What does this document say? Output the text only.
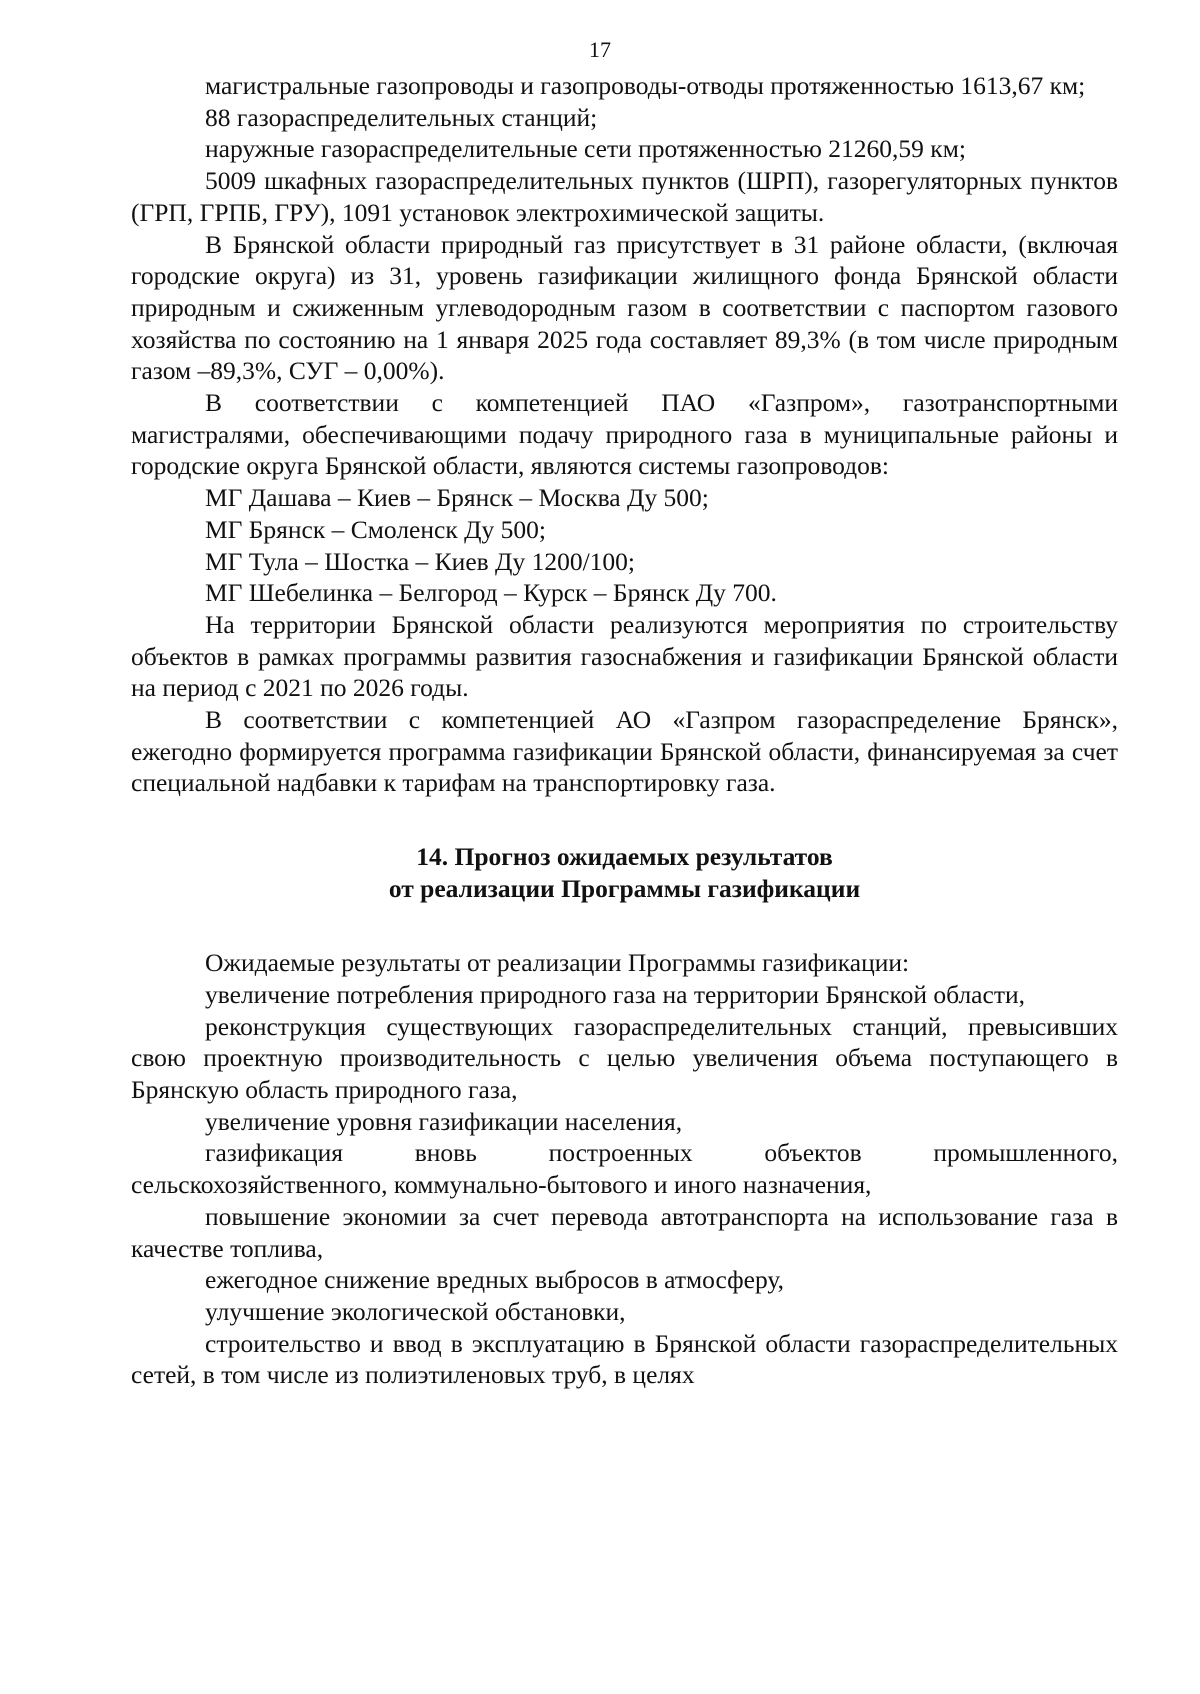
17

магистральные газопроводы и газопроводы-отводы протяженностью 1613,67 км;

88 газораспределительных станций;

наружные газораспределительные сети протяженностью 21260,59 км;

5009 шкафных газораспределительных пунктов (ШРП), газорегуляторных пунктов (ГРП, ГРПБ, ГРУ), 1091 установок электрохимической защиты.

В Брянской области природный газ присутствует в 31 районе области, (включая городские округа) из 31, уровень газификации жилищного фонда Брянской области природным и сжиженным углеводородным газом в соответствии с паспортом газового хозяйства по состоянию на 1 января 2025 года составляет 89,3% (в том числе природным газом –89,3%, СУГ – 0,00%).

В соответствии с компетенцией ПАО «Газпром», газотранспортными магистралями, обеспечивающими подачу природного газа в муниципальные районы и городские округа Брянской области, являются системы газопроводов:

МГ Дашава – Киев – Брянск – Москва Ду 500;

МГ Брянск – Смоленск Ду 500;

МГ Тула – Шостка – Киев Ду 1200/100;

МГ Шебелинка – Белгород – Курск – Брянск Ду 700.

На территории Брянской области реализуются мероприятия по строительству объектов в рамках программы развития газоснабжения и газификации Брянской области на период с 2021 по 2026 годы.

В соответствии с компетенцией АО «Газпром газораспределение Брянск», ежегодно формируется программа газификации Брянской области, финансируемая за счет специальной надбавки к тарифам на транспортировку газа.

14. Прогноз ожидаемых результатов
от реализации Программы газификации

Ожидаемые результаты от реализации Программы газификации:

увеличение потребления природного газа на территории Брянской области,

реконструкция существующих газораспределительных станций, превысивших свою проектную производительность с целью увеличения объема поступающего в Брянскую область природного газа,

увеличение уровня газификации населения,

газификация вновь построенных объектов промышленного, сельскохозяйственного, коммунально-бытового и иного назначения,

повышение экономии за счет перевода автотранспорта на использование газа в качестве топлива,

ежегодное снижение вредных выбросов в атмосферу,

улучшение экологической обстановки,

строительство и ввод в эксплуатацию в Брянской области газораспределительных сетей, в том числе из полиэтиленовых труб, в целях
